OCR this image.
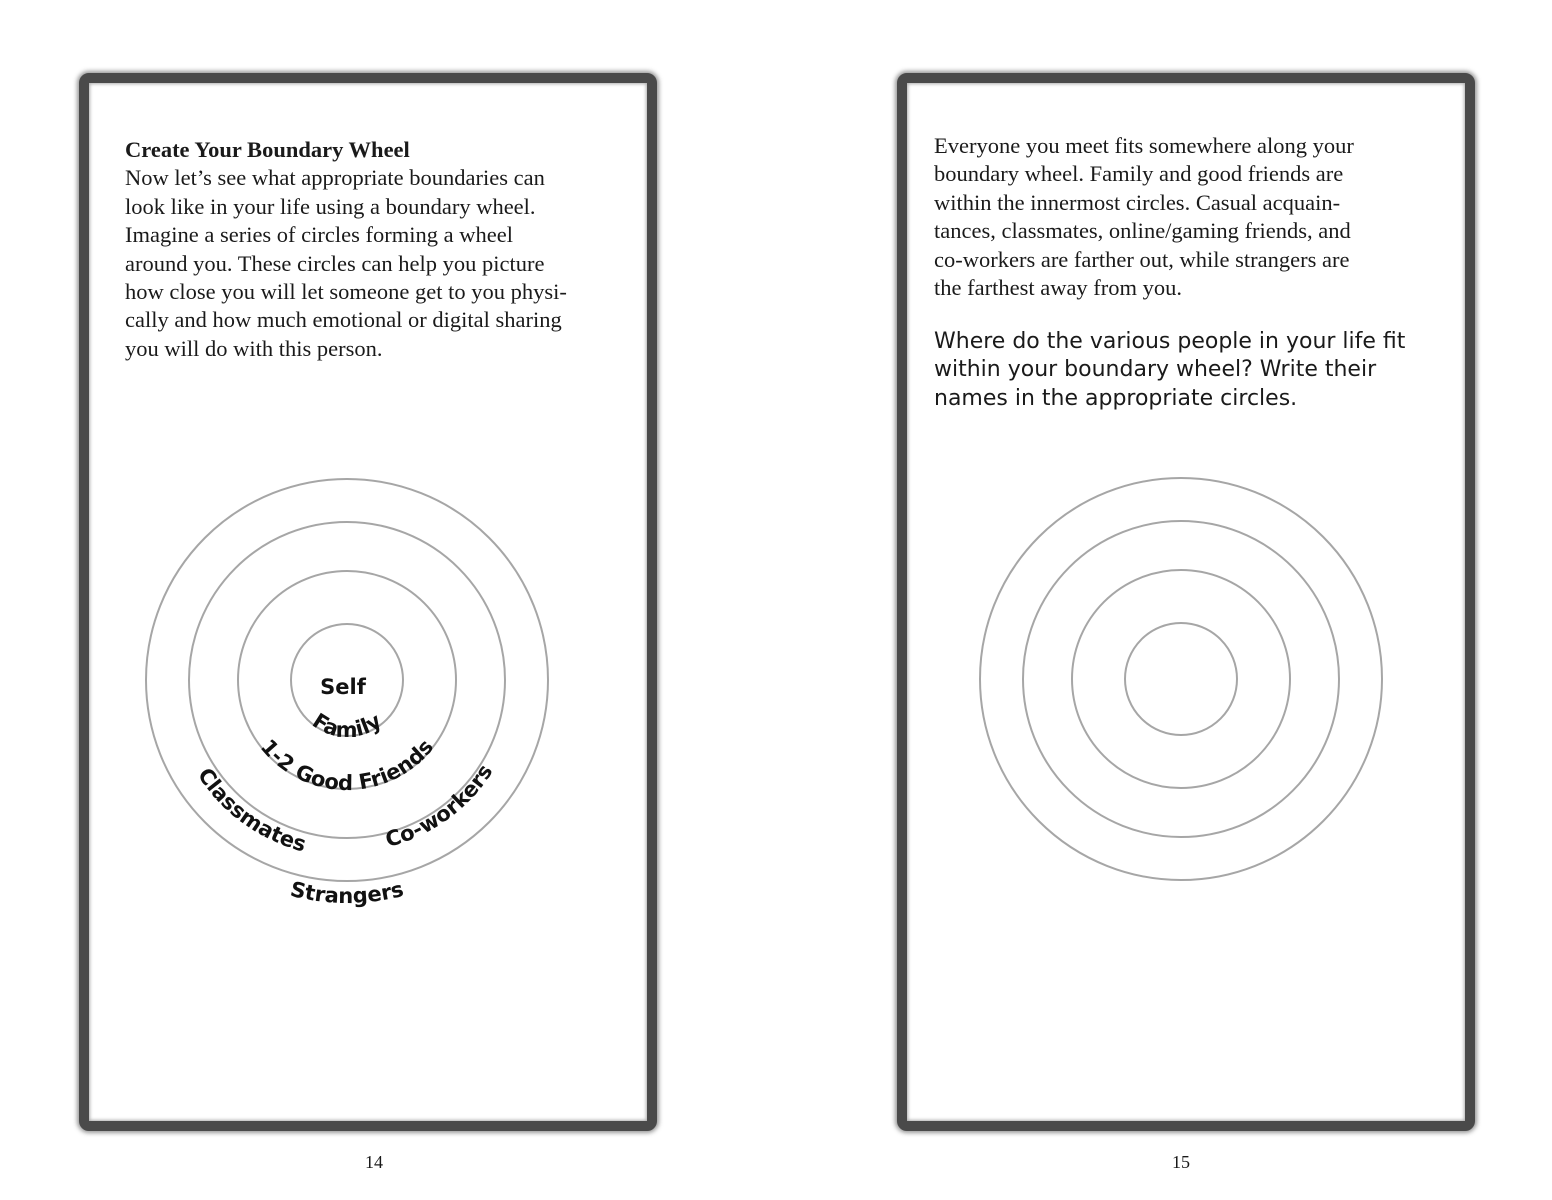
Create Your Boundary Wheel
Now let’s see what appropriate boundaries can
look like in your life using a boundary wheel.
Imagine a series of circles forming a wheel
around you. These circles can help you picture
how close you will let someone get to you physi-
cally and how much emotional or digital sharing
you will do with this person.
Self
Family
1-2 Good Friends
Classmates	Co-workers
Strangers
14
Everyone you meet fits somewhere along your
boundary wheel. Family and good friends are
within the innermost circles. Casual acquain-
tances, classmates, online/gaming friends, and
co-workers are farther out, while strangers are
the farthest away from you.
Where do the various people in your life fit
within your boundary wheel? Write their
names in the appropriate circles.
15
